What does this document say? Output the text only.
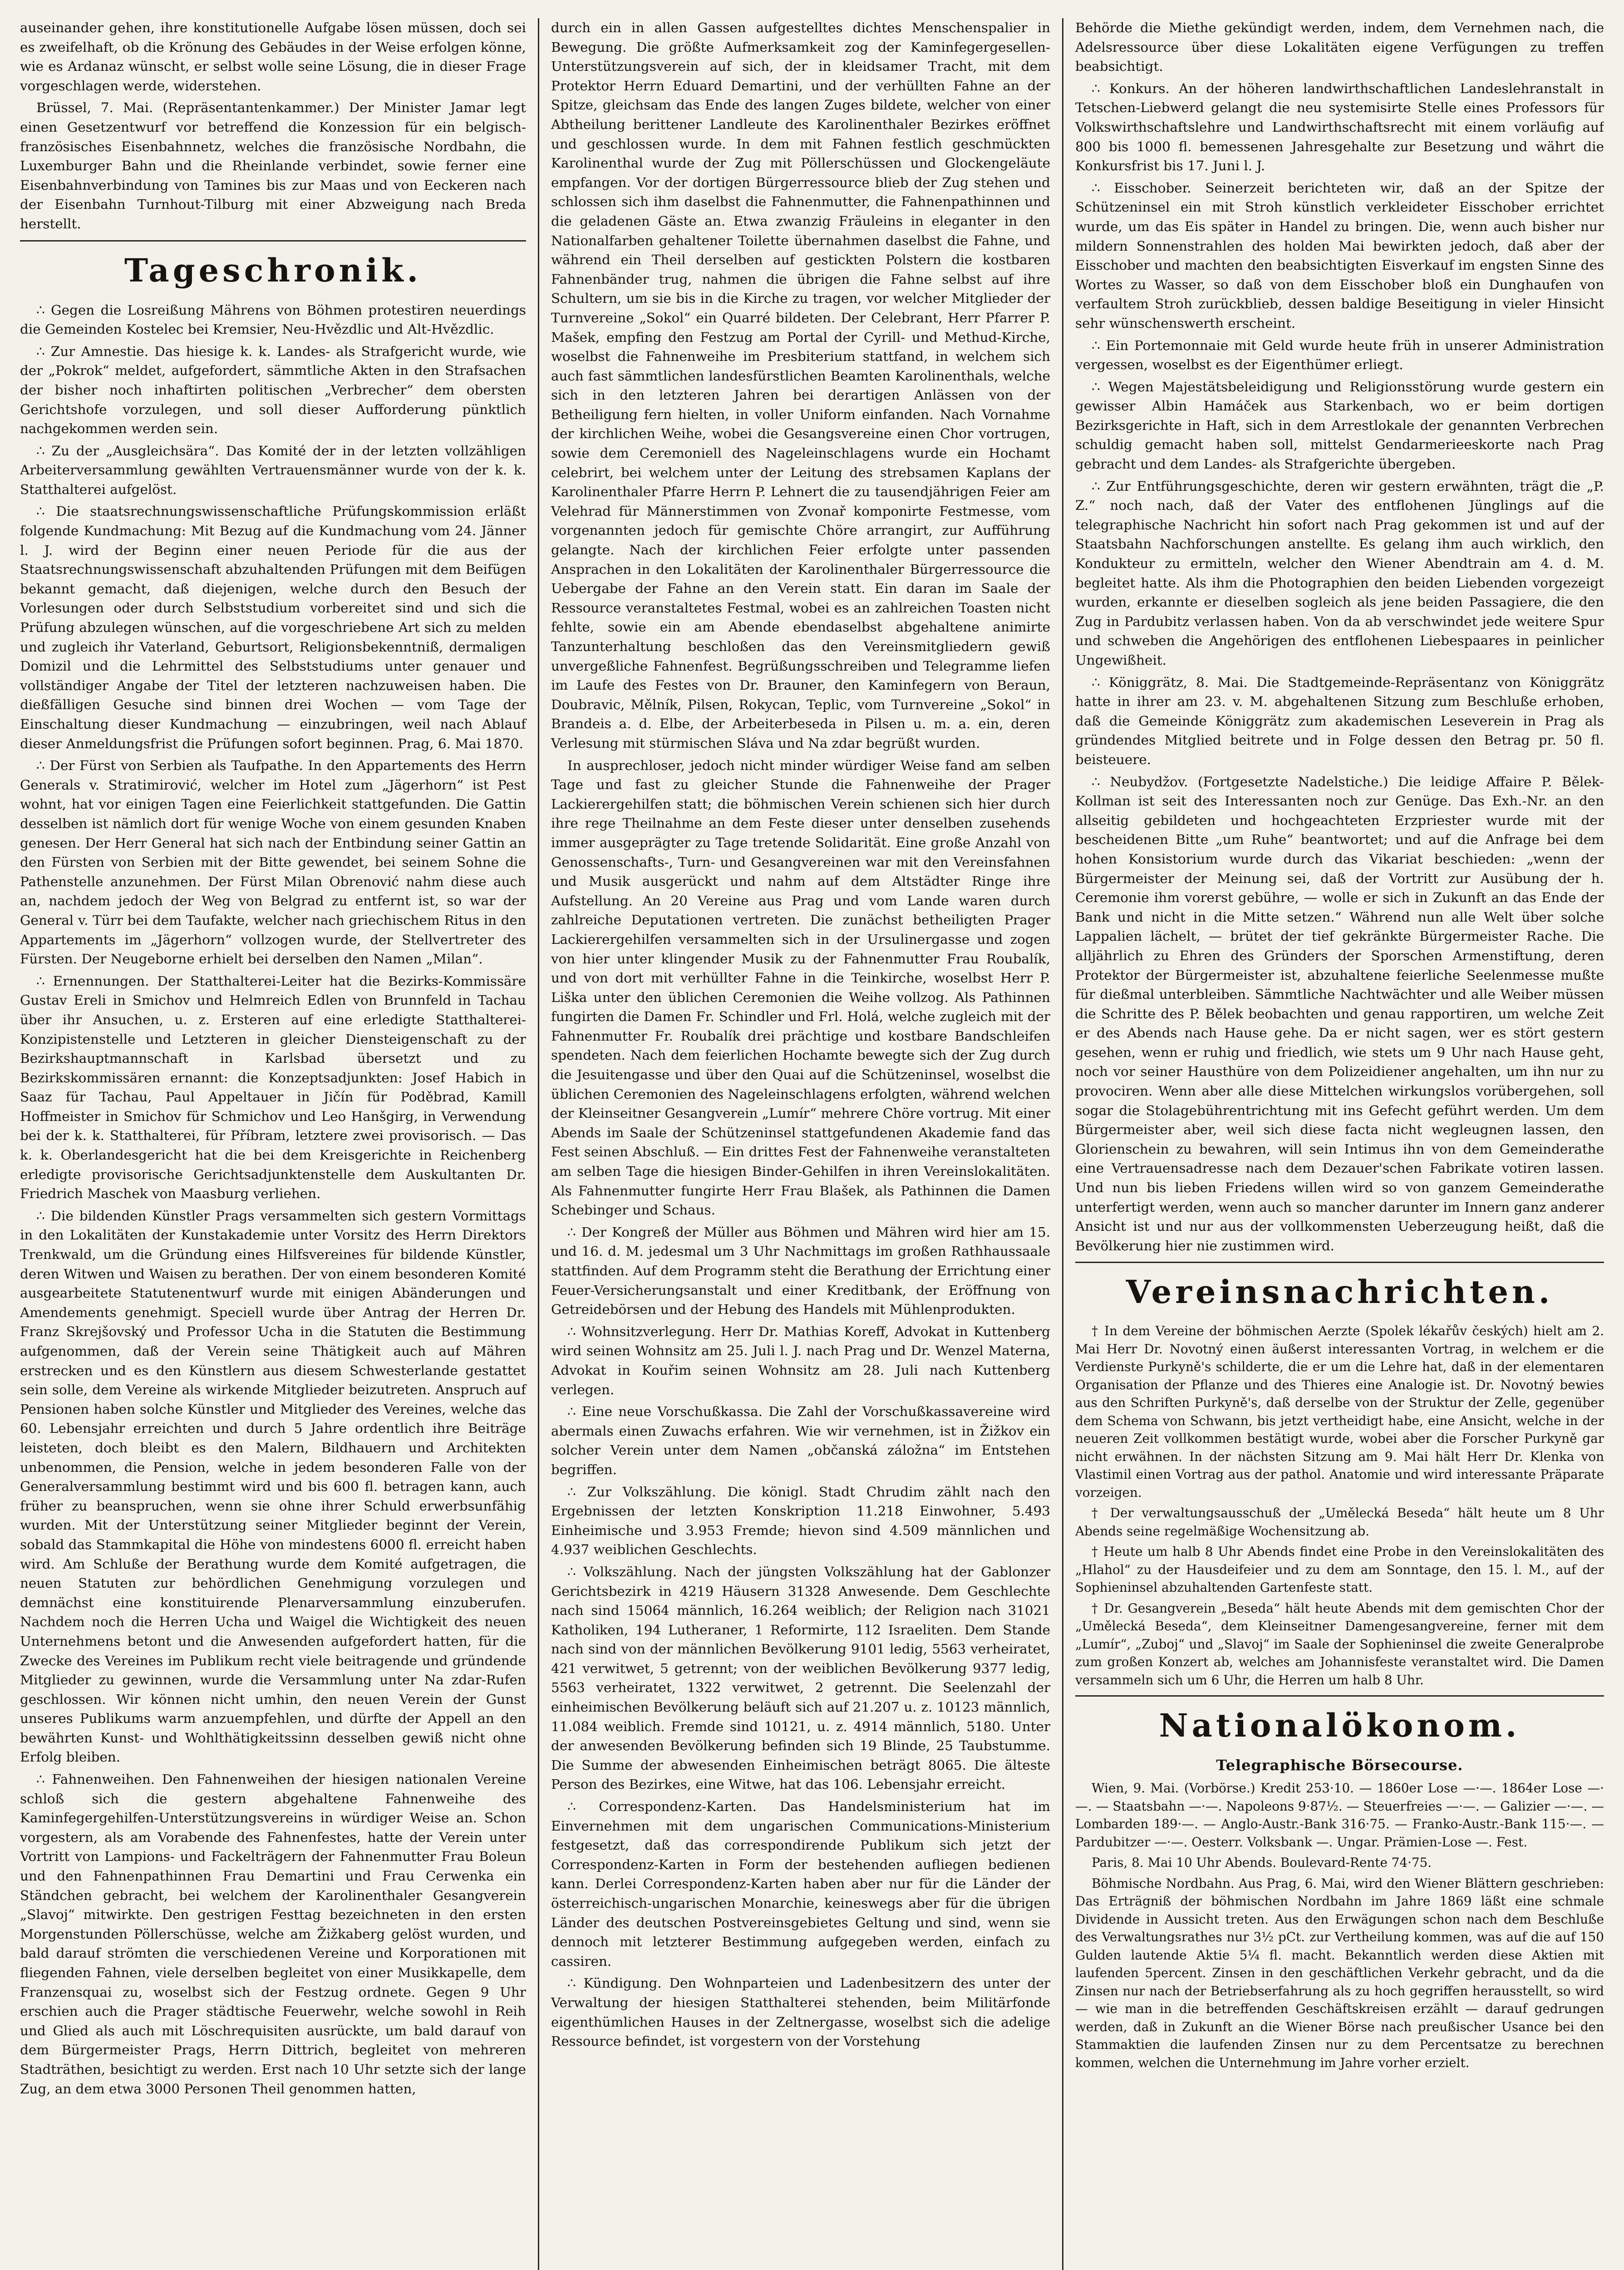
auseinander gehen, ihre konstitutionelle Aufgabe lösen müssen, doch sei es zweifelhaft, ob die Krönung des Gebäudes in der Weise erfolgen könne, wie es Ardanaz wünscht, er selbst wolle seine Lösung, die in dieser Frage vorgeschlagen werde, widerstehen.

Brüssel, 7. Mai. (Repräsentantenkammer.) Der Minister Jamar legt einen Gesetzentwurf vor betreffend die Konzession für ein belgisch-französisches Eisenbahnnetz, welches die französische Nordbahn, die Luxemburger Bahn und die Rheinlande verbindet, sowie ferner eine Eisenbahnverbindung von Tamines bis zur Maas und von Eeckeren nach der Eisenbahn Turnhout-Tilburg mit einer Abzweigung nach Breda herstellt.

Tageschronik.

∴ Gegen die Losreißung Mährens von Böhmen protestiren neuerdings die Gemeinden Kostelec bei Kremsier, Neu-Hvězdlic und Alt-Hvězdlic.

∴ Zur Amnestie. Das hiesige k. k. Landes- als Strafgericht wurde, wie der „Pokrok“ meldet, aufgefordert, sämmtliche Akten in den Strafsachen der bisher noch inhaftirten politischen „Verbrecher“ dem obersten Gerichtshofe vorzulegen, und soll dieser Aufforderung pünktlich nachgekommen werden sein.

∴ Zu der „Ausgleichsära“. Das Komité der in der letzten vollzähligen Arbeiterversammlung gewählten Vertrauensmänner wurde von der k. k. Statthalterei aufgelöst.

∴ Die staatsrechnungswissenschaftliche Prüfungskommission erläßt folgende Kundmachung: Mit Bezug auf die Kundmachung vom 24. Jänner l. J. wird der Beginn einer neuen Periode für die aus der Staatsrechnungswissenschaft abzuhaltenden Prüfungen mit dem Beifügen bekannt gemacht, daß diejenigen, welche durch den Besuch der Vorlesungen oder durch Selbststudium vorbereitet sind und sich die Prüfung abzulegen wünschen, auf die vorgeschriebene Art sich zu melden und zugleich ihr Vaterland, Geburtsort, Religionsbekenntniß, dermaligen Domizil und die Lehrmittel des Selbststudiums unter genauer und vollständiger Angabe der Titel der letzteren nachzuweisen haben. Die dießfälligen Gesuche sind binnen drei Wochen — vom Tage der Einschaltung dieser Kundmachung — einzubringen, weil nach Ablauf dieser Anmeldungsfrist die Prüfungen sofort beginnen. Prag, 6. Mai 1870.

∴ Der Fürst von Serbien als Taufpathe. In den Appartements des Herrn Generals v. Stratimirović, welcher im Hotel zum „Jägerhorn“ ist Pest wohnt, hat vor einigen Tagen eine Feierlichkeit stattgefunden. Die Gattin desselben ist nämlich dort für wenige Woche von einem gesunden Knaben genesen. Der Herr General hat sich nach der Entbindung seiner Gattin an den Fürsten von Serbien mit der Bitte gewendet, bei seinem Sohne die Pathenstelle anzunehmen. Der Fürst Milan Obrenović nahm diese auch an, nachdem jedoch der Weg von Belgrad zu entfernt ist, so war der General v. Türr bei dem Taufakte, welcher nach griechischem Ritus in den Appartements im „Jägerhorn“ vollzogen wurde, der Stellvertreter des Fürsten. Der Neugeborne erhielt bei derselben den Namen „Milan“.

∴ Ernennungen. Der Statthalterei-Leiter hat die Bezirks-Kommissäre Gustav Ereli in Smichov und Helmreich Edlen von Brunnfeld in Tachau über ihr Ansuchen, u. z. Ersteren auf eine erledigte Statthalterei-Konzipistenstelle und Letzteren in gleicher Diensteigenschaft zu der Bezirkshauptmannschaft in Karlsbad übersetzt und zu Bezirkskommissären ernannt: die Konzeptsadjunkten: Josef Habich in Saaz für Tachau, Paul Appeltauer in Jičín für Poděbrad, Kamill Hoffmeister in Smichov für Schmichov und Leo Hanšgirg, in Verwendung bei der k. k. Statthalterei, für Příbram, letztere zwei provisorisch. — Das k. k. Oberlandesgericht hat die bei dem Kreisgerichte in Reichenberg erledigte provisorische Gerichtsadjunktenstelle dem Auskultanten Dr. Friedrich Maschek von Maasburg verliehen.

∴ Die bildenden Künstler Prags versammelten sich gestern Vormittags in den Lokalitäten der Kunstakademie unter Vorsitz des Herrn Direktors Trenkwald, um die Gründung eines Hilfsvereines für bildende Künstler, deren Witwen und Waisen zu berathen. Der von einem besonderen Komité ausgearbeitete Statutenentwurf wurde mit einigen Abänderungen und Amendements genehmigt. Speciell wurde über Antrag der Herren Dr. Franz Skrejšovský und Professor Ucha in die Statuten die Bestimmung aufgenommen, daß der Verein seine Thätigkeit auch auf Mähren erstrecken und es den Künstlern aus diesem Schwesterlande gestattet sein solle, dem Vereine als wirkende Mitglieder beizutreten. Anspruch auf Pensionen haben solche Künstler und Mitglieder des Vereines, welche das 60. Lebensjahr erreichten und durch 5 Jahre ordentlich ihre Beiträge leisteten, doch bleibt es den Malern, Bildhauern und Architekten unbenommen, die Pension, welche in jedem besonderen Falle von der Generalversammlung bestimmt wird und bis 600 fl. betragen kann, auch früher zu beanspruchen, wenn sie ohne ihrer Schuld erwerbsunfähig wurden. Mit der Unterstützung seiner Mitglieder beginnt der Verein, sobald das Stammkapital die Höhe von mindestens 6000 fl. erreicht haben wird. Am Schluße der Berathung wurde dem Komité aufgetragen, die neuen Statuten zur behördlichen Genehmigung vorzulegen und demnächst eine konstituirende Plenarversammlung einzuberufen. Nachdem noch die Herren Ucha und Waigel die Wichtigkeit des neuen Unternehmens betont und die Anwesenden aufgefordert hatten, für die Zwecke des Vereines im Publikum recht viele beitragende und gründende Mitglieder zu gewinnen, wurde die Versammlung unter Na zdar-Rufen geschlossen. Wir können nicht umhin, den neuen Verein der Gunst unseres Publikums warm anzuempfehlen, und dürfte der Appell an den bewährten Kunst- und Wohlthätigkeitssinn desselben gewiß nicht ohne Erfolg bleiben.

∴ Fahnenweihen. Den Fahnenweihen der hiesigen nationalen Vereine schloß sich die gestern abgehaltene Fahnenweihe des Kaminfegergehilfen-Unterstützungsvereins in würdiger Weise an. Schon vorgestern, als am Vorabende des Fahnenfestes, hatte der Verein unter Vortritt von Lampions- und Fackelträgern der Fahnenmutter Frau Boleun und den Fahnenpathinnen Frau Demartini und Frau Cerwenka ein Ständchen gebracht, bei welchem der Karolinenthaler Gesangverein „Slavoj“ mitwirkte. Den gestrigen Festtag bezeichneten in den ersten Morgenstunden Pöllerschüsse, welche am Žižkaberg gelöst wurden, und bald darauf strömten die verschiedenen Vereine und Korporationen mit fliegenden Fahnen, viele derselben begleitet von einer Musikkapelle, dem Franzensquai zu, woselbst sich der Festzug ordnete. Gegen 9 Uhr erschien auch die Prager städtische Feuerwehr, welche sowohl in Reih und Glied als auch mit Löschrequisiten ausrückte, um bald darauf von dem Bürgermeister Prags, Herrn Dittrich, begleitet von mehreren Stadträthen, besichtigt zu werden. Erst nach 10 Uhr setzte sich der lange Zug, an dem etwa 3000 Personen Theil genommen hatten,

durch ein in allen Gassen aufgestelltes dichtes Menschenspalier in Bewegung. Die größte Aufmerksamkeit zog der Kaminfegergesellen-Unterstützungsverein auf sich, der in kleidsamer Tracht, mit dem Protektor Herrn Eduard Demartini, und der verhüllten Fahne an der Spitze, gleichsam das Ende des langen Zuges bildete, welcher von einer Abtheilung berittener Landleute des Karolinenthaler Bezirkes eröffnet und geschlossen wurde. In dem mit Fahnen festlich geschmückten Karolinenthal wurde der Zug mit Pöllerschüssen und Glockengeläute empfangen. Vor der dortigen Bürgerressource blieb der Zug stehen und schlossen sich ihm daselbst die Fahnenmutter, die Fahnenpathinnen und die geladenen Gäste an. Etwa zwanzig Fräuleins in eleganter in den Nationalfarben gehaltener Toilette übernahmen daselbst die Fahne, und während ein Theil derselben auf gestickten Polstern die kostbaren Fahnenbänder trug, nahmen die übrigen die Fahne selbst auf ihre Schultern, um sie bis in die Kirche zu tragen, vor welcher Mitglieder der Turnvereine „Sokol“ ein Quarré bildeten. Der Celebrant, Herr Pfarrer P. Mašek, empfing den Festzug am Portal der Cyrill- und Methud-Kirche, woselbst die Fahnenweihe im Presbiterium stattfand, in welchem sich auch fast sämmtlichen landesfürstlichen Beamten Karolinenthals, welche sich in den letzteren Jahren bei derartigen Anlässen von der Betheiligung fern hielten, in voller Uniform einfanden. Nach Vornahme der kirchlichen Weihe, wobei die Gesangsvereine einen Chor vortrugen, sowie dem Ceremoniell des Nageleinschlagens wurde ein Hochamt celebrirt, bei welchem unter der Leitung des strebsamen Kaplans der Karolinenthaler Pfarre Herrn P. Lehnert die zu tausendjährigen Feier am Velehrad für Männerstimmen von Zvonař komponirte Festmesse, vom vorgenannten jedoch für gemischte Chöre arrangirt, zur Aufführung gelangte. Nach der kirchlichen Feier erfolgte unter passenden Ansprachen in den Lokalitäten der Karolinenthaler Bürgerressource die Uebergabe der Fahne an den Verein statt. Ein daran im Saale der Ressource veranstaltetes Festmal, wobei es an zahlreichen Toasten nicht fehlte, sowie ein am Abende ebendaselbst abgehaltene animirte Tanzunterhaltung beschloßen das den Vereinsmitgliedern gewiß unvergeßliche Fahnenfest. Begrüßungsschreiben und Telegramme liefen im Laufe des Festes von Dr. Brauner, den Kaminfegern von Beraun, Doubravic, Mělník, Pilsen, Rokycan, Teplic, vom Turnvereine „Sokol“ in Brandeis a. d. Elbe, der Arbeiterbeseda in Pilsen u. m. a. ein, deren Verlesung mit stürmischen Sláva und Na zdar begrüßt wurden.

In ausprechloser, jedoch nicht minder würdiger Weise fand am selben Tage und fast zu gleicher Stunde die Fahnenweihe der Prager Lackierergehilfen statt; die böhmischen Verein schienen sich hier durch ihre rege Theilnahme an dem Feste dieser unter denselben zusehends immer ausgeprägter zu Tage tretende Solidarität. Eine große Anzahl von Genossenschafts-, Turn- und Gesangvereinen war mit den Vereinsfahnen und Musik ausgerückt und nahm auf dem Altstädter Ringe ihre Aufstellung. An 20 Vereine aus Prag und vom Lande waren durch zahlreiche Deputationen vertreten. Die zunächst betheiligten Prager Lackierergehilfen versammelten sich in der Ursulinergasse und zogen von hier unter klingender Musik zu der Fahnenmutter Frau Roubalík, und von dort mit verhüllter Fahne in die Teinkirche, woselbst Herr P. Liška unter den üblichen Ceremonien die Weihe vollzog. Als Pathinnen fungirten die Damen Fr. Schindler und Frl. Holá, welche zugleich mit der Fahnenmutter Fr. Roubalík drei prächtige und kostbare Bandschleifen spendeten. Nach dem feierlichen Hochamte bewegte sich der Zug durch die Jesuitengasse und über den Quai auf die Schützeninsel, woselbst die üblichen Ceremonien des Nageleinschlagens erfolgten, während welchen der Kleinseitner Gesangverein „Lumír“ mehrere Chöre vortrug. Mit einer Abends im Saale der Schützeninsel stattgefundenen Akademie fand das Fest seinen Abschluß. — Ein drittes Fest der Fahnenweihe veranstalteten am selben Tage die hiesigen Binder-Gehilfen in ihren Vereinslokalitäten. Als Fahnenmutter fungirte Herr Frau Blašek, als Pathinnen die Damen Schebinger und Schaus.

∴ Der Kongreß der Müller aus Böhmen und Mähren wird hier am 15. und 16. d. M. jedesmal um 3 Uhr Nachmittags im großen Rathhaussaale stattfinden. Auf dem Programm steht die Berathung der Errichtung einer Feuer-Versicherungsanstalt und einer Kreditbank, der Eröffnung von Getreidebörsen und der Hebung des Handels mit Mühlenprodukten.

∴ Wohnsitzverlegung. Herr Dr. Mathias Koreff, Advokat in Kuttenberg wird seinen Wohnsitz am 25. Juli l. J. nach Prag und Dr. Wenzel Materna, Advokat in Kouřim seinen Wohnsitz am 28. Juli nach Kuttenberg verlegen.

∴ Eine neue Vorschußkassa. Die Zahl der Vorschußkassavereine wird abermals einen Zuwachs erfahren. Wie wir vernehmen, ist in Žižkov ein solcher Verein unter dem Namen „občanská záložna“ im Entstehen begriffen.

∴ Zur Volkszählung. Die königl. Stadt Chrudim zählt nach den Ergebnissen der letzten Konskription 11.218 Einwohner, 5.493 Einheimische und 3.953 Fremde; hievon sind 4.509 männlichen und 4.937 weiblichen Geschlechts.

∴ Volkszählung. Nach der jüngsten Volkszählung hat der Gablonzer Gerichtsbezirk in 4219 Häusern 31328 Anwesende. Dem Geschlechte nach sind 15064 männlich, 16.264 weiblich; der Religion nach 31021 Katholiken, 194 Lutheraner, 1 Reformirte, 112 Israeliten. Dem Stande nach sind von der männlichen Bevölkerung 9101 ledig, 5563 verheiratet, 421 verwitwet, 5 getrennt; von der weiblichen Bevölkerung 9377 ledig, 5563 verheiratet, 1322 verwitwet, 2 getrennt. Die Seelenzahl der einheimischen Bevölkerung beläuft sich auf 21.207 u. z. 10123 männlich, 11.084 weiblich. Fremde sind 10121, u. z. 4914 männlich, 5180. Unter der anwesenden Bevölkerung befinden sich 19 Blinde, 25 Taubstumme. Die Summe der abwesenden Einheimischen beträgt 8065. Die älteste Person des Bezirkes, eine Witwe, hat das 106. Lebensjahr erreicht.

∴ Correspondenz-Karten. Das Handelsministerium hat im Einvernehmen mit dem ungarischen Communications-Ministerium festgesetzt, daß das correspondirende Publikum sich jetzt der Correspondenz-Karten in Form der bestehenden aufliegen bedienen kann. Derlei Correspondenz-Karten haben aber nur für die Länder der österreichisch-ungarischen Monarchie, keineswegs aber für die übrigen Länder des deutschen Postvereinsgebietes Geltung und sind, wenn sie dennoch mit letzterer Bestimmung aufgegeben werden, einfach zu cassiren.

∴ Kündigung. Den Wohnparteien und Ladenbesitzern des unter der Verwaltung der hiesigen Statthalterei stehenden, beim Militärfonde eigenthümlichen Hauses in der Zeltnergasse, woselbst sich die adelige Ressource befindet, ist vorgestern von der Vorstehung

Behörde die Miethe gekündigt werden, indem, dem Vernehmen nach, die Adelsressource über diese Lokalitäten eigene Verfügungen zu treffen beabsichtigt.

∴ Konkurs. An der höheren landwirthschaftlichen Landeslehranstalt in Tetschen-Liebwerd gelangt die neu systemisirte Stelle eines Professors für Volkswirthschaftslehre und Landwirthschaftsrecht mit einem vorläufig auf 800 bis 1000 fl. bemessenen Jahresgehalte zur Besetzung und währt die Konkursfrist bis 17. Juni l. J.

∴ Eisschober. Seinerzeit berichteten wir, daß an der Spitze der Schützeninsel ein mit Stroh künstlich verkleideter Eisschober errichtet wurde, um das Eis später in Handel zu bringen. Die, wenn auch bisher nur mildern Sonnenstrahlen des holden Mai bewirkten jedoch, daß aber der Eisschober und machten den beabsichtigten Eisverkauf im engsten Sinne des Wortes zu Wasser, so daß von dem Eisschober bloß ein Dunghaufen von verfaultem Stroh zurückblieb, dessen baldige Beseitigung in vieler Hinsicht sehr wünschenswerth erscheint.

∴ Ein Portemonnaie mit Geld wurde heute früh in unserer Administration vergessen, woselbst es der Eigenthümer erliegt.

∴ Wegen Majestätsbeleidigung und Religionsstörung wurde gestern ein gewisser Albin Hamáček aus Starkenbach, wo er beim dortigen Bezirksgerichte in Haft, sich in dem Arrestlokale der genannten Verbrechen schuldig gemacht haben soll, mittelst Gendarmerieeskorte nach Prag gebracht und dem Landes- als Strafgerichte übergeben.

∴ Zur Entführungsgeschichte, deren wir gestern erwähnten, trägt die „P. Z.“ noch nach, daß der Vater des entflohenen Jünglings auf die telegraphische Nachricht hin sofort nach Prag gekommen ist und auf der Staatsbahn Nachforschungen anstellte. Es gelang ihm auch wirklich, den Kondukteur zu ermitteln, welcher den Wiener Abendtrain am 4. d. M. begleitet hatte. Als ihm die Photographien den beiden Liebenden vorgezeigt wurden, erkannte er dieselben sogleich als jene beiden Passagiere, die den Zug in Pardubitz verlassen haben. Von da ab verschwindet jede weitere Spur und schweben die Angehörigen des entflohenen Liebespaares in peinlicher Ungewißheit.

∴ Königgrätz, 8. Mai. Die Stadtgemeinde-Repräsentanz von Königgrätz hatte in ihrer am 23. v. M. abgehaltenen Sitzung zum Beschluße erhoben, daß die Gemeinde Königgrätz zum akademischen Leseverein in Prag als gründendes Mitglied beitrete und in Folge dessen den Betrag pr. 50 fl. beisteuere.

∴ Neubydžov. (Fortgesetzte Nadelstiche.) Die leidige Affaire P. Bělek-Kollman ist seit des Interessanten noch zur Genüge. Das Exh.-Nr. an den allseitig gebildeten und hochgeachteten Erzpriester wurde mit der bescheidenen Bitte „um Ruhe“ beantwortet; und auf die Anfrage bei dem hohen Konsistorium wurde durch das Vikariat beschieden: „wenn der Bürgermeister der Meinung sei, daß der Vortritt zur Ausübung der h. Ceremonie ihm vorerst gebühre, — wolle er sich in Zukunft an das Ende der Bank und nicht in die Mitte setzen.“ Während nun alle Welt über solche Lappalien lächelt, — brütet der tief gekränkte Bürgermeister Rache. Die alljährlich zu Ehren des Gründers der Sporschen Armenstiftung, deren Protektor der Bürgermeister ist, abzuhaltene feierliche Seelenmesse mußte für dießmal unterbleiben. Sämmtliche Nachtwächter und alle Weiber müssen die Schritte des P. Bělek beobachten und genau rapportiren, um welche Zeit er des Abends nach Hause gehe. Da er nicht sagen, wer es stört gestern gesehen, wenn er ruhig und friedlich, wie stets um 9 Uhr nach Hause geht, noch vor seiner Hausthüre von dem Polizeidiener angehalten, um ihn nur zu provociren. Wenn aber alle diese Mittelchen wirkungslos vorübergehen, soll sogar die Stolagebührentrichtung mit ins Gefecht geführt werden. Um dem Bürgermeister aber, weil sich diese facta nicht wegleugnen lassen, den Glorienschein zu bewahren, will sein Intimus ihn von dem Gemeinderathe eine Vertrauensadresse nach dem Dezauer'schen Fabrikate votiren lassen. Und nun bis lieben Friedens willen wird so von ganzem Gemeinderathe unterfertigt werden, wenn auch so mancher darunter im Innern ganz anderer Ansicht ist und nur aus der vollkommensten Ueberzeugung heißt, daß die Bevölkerung hier nie zustimmen wird.

Vereinsnachrichten.

† In dem Vereine der böhmischen Aerzte (Spolek lékařův českých) hielt am 2. Mai Herr Dr. Novotný einen äußerst interessanten Vortrag, in welchem er die Verdienste Purkyně's schilderte, die er um die Lehre hat, daß in der elementaren Organisation der Pflanze und des Thieres eine Analogie ist. Dr. Novotný bewies aus den Schriften Purkyně's, daß derselbe von der Struktur der Zelle, gegenüber dem Schema von Schwann, bis jetzt vertheidigt habe, eine Ansicht, welche in der neueren Zeit vollkommen bestätigt wurde, wobei aber die Forscher Purkyně gar nicht erwähnen. In der nächsten Sitzung am 9. Mai hält Herr Dr. Klenka von Vlastimil einen Vortrag aus der pathol. Anatomie und wird interessante Präparate vorzeigen.

† Der verwaltungsausschuß der „Umělecká Beseda“ hält heute um 8 Uhr Abends seine regelmäßige Wochensitzung ab.

† Heute um halb 8 Uhr Abends findet eine Probe in den Vereinslokalitäten des „Hlahol“ zu der Hausdeifeier und zu dem am Sonntage, den 15. l. M., auf der Sophieninsel abzuhaltenden Gartenfeste statt.

† Dr. Gesangverein „Beseda“ hält heute Abends mit dem gemischten Chor der „Umělecká Beseda“, dem Kleinseitner Damengesangvereine, ferner mit dem „Lumír“, „Zuboj“ und „Slavoj“ im Saale der Sophieninsel die zweite Generalprobe zum großen Konzert ab, welches am Johannisfeste veranstaltet wird. Die Damen versammeln sich um 6 Uhr, die Herren um halb 8 Uhr.

Nationalökonom.
Telegraphische Börsecourse.

Wien, 9. Mai. (Vorbörse.) Kredit 253·10. — 1860er Lose —·—. 1864er Lose —·—. — Staatsbahn —·—. Napoleons 9·87½. — Steuerfreies —·—. — Galizier —·—. — Lombarden 189·—. — Anglo-Austr.-Bank 316·75. — Franko-Austr.-Bank 115·—. — Pardubitzer —·—. Oesterr. Volksbank —. Ungar. Prämien-Lose —. Fest.

Paris, 8. Mai 10 Uhr Abends. Boulevard-Rente 74·75.

Böhmische Nordbahn. Aus Prag, 6. Mai, wird den Wiener Blättern geschrieben: Das Erträgniß der böhmischen Nordbahn im Jahre 1869 läßt eine schmale Dividende in Aussicht treten. Aus den Erwägungen schon nach dem Beschluße des Verwaltungsrathes nur 3½ pCt. zur Vertheilung kommen, was auf die auf 150 Gulden lautende Aktie 5¼ fl. macht. Bekanntlich werden diese Aktien mit laufenden 5percent. Zinsen in den geschäftlichen Verkehr gebracht, und da die Zinsen nur nach der Betriebserfahrung als zu hoch gegriffen herausstellt, so wird — wie man in die betreffenden Geschäftskreisen erzählt — darauf gedrungen werden, daß in Zukunft an die Wiener Börse nach preußischer Usance bei den Stammaktien die laufenden Zinsen nur zu dem Percentsatze zu berechnen kommen, welchen die Unternehmung im Jahre vorher erzielt.
